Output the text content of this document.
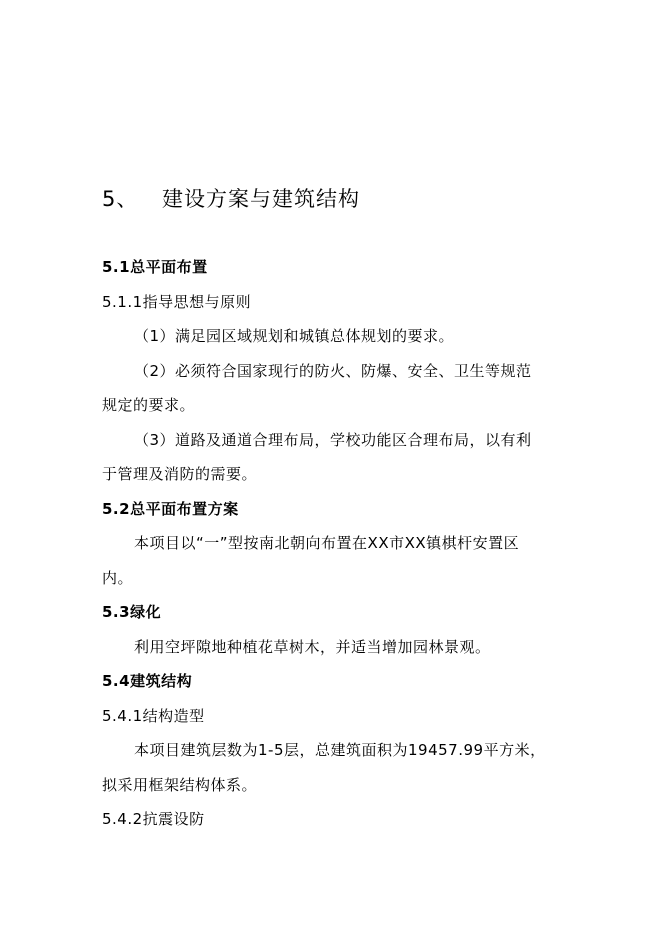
5、 建设方案与建筑结构
5.1总平面布置
5.1.1指导思想与原则
（1）满足园区域规划和城镇总体规划的要求。
（2）必须符合国家现行的防火、防爆、安全、卫生等规范
规定的要求。
（3）道路及通道合理布局，学校功能区合理布局，以有利
于管理及消防的需要。
5.2总平面布置方案
本项目以“一”型按南北朝向布置在XX市XX镇棋杆安置区
内。
5.3绿化
利用空坪隙地种植花草树木，并适当增加园林景观。
5.4建筑结构
5.4.1结构造型
本项目建筑层数为1-5层，总建筑面积为19457.99平方米，
拟采用框架结构体系。
5.4.2抗震设防
